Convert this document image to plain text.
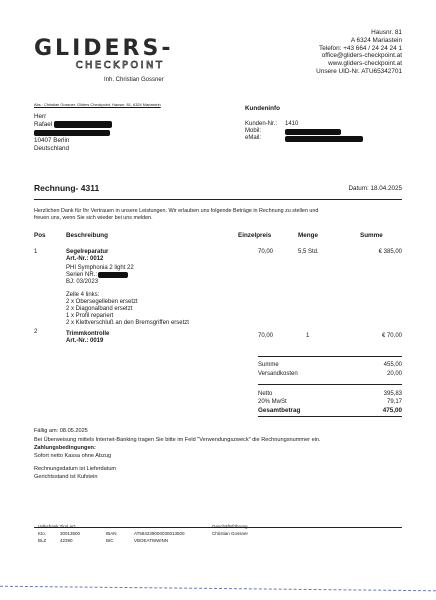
GLIDERS-
CHECKPOINT
Inh. Christian Gossner
Hausnr. 81
A 6324 Mariastein
Telefon: +43 664 / 24 24 24 1
office@gliders-checkpoint.at
www.gliders-checkpoint.at
Unsere UID-Nr. ATU65342701
Abs.: Christian Gossner, Gliders Checkpoint, Hausnr. 81, 6324 Mariastein
Herr
Rafael
10407 Berlin
Deutschland
Kundeninfo
Kunden-Nr.: 1410
Mobil:
eMail:
Rechnung- 4311	Datum: 18.04.2025
Herzlichen Dank für Ihr Vertrauen in unsere Leistungen. Wir erlauben uns folgende Beträge in Rechnung zu stellen und
freuen uns, wenn Sie sich wieder bei uns melden.
Pos	Beschreibung	Einzelpreis	Menge	Summe
1	Segelreparatur
Art.-Nr.: 0012
PHI Symphonia 2 light 22
Serien NR.:
BJ: 03/2023
Zelle 4 links:
2 x Obersegelleben ersetzt
2 x Diagonalband ersetzt
1 x Profil repariert
2 x Klettverschluß an den Bremsgriffen ersetzt
70,00	5,5 Std.	€ 385,00
2	Trimmkontrolle
Art.-Nr.: 0019
70,00	1	€ 70,00
Summe	455,00
Versandkosten	20,00
Netto	395,83
20% MwSt	79,17
Gesamtbetrag	475,00
Fällig am: 08.05.2025
Bei Überweisung mittels Internet-Banking tragen Sie bitte im Feld "Verwendungszweck" die Rechnungsnummer ein.
Zahlungsbedingungen:
Sofort netto Kassa ohne Abzug
Rechnungsdatum ist Lieferdatum
Gerichtsstand ist Kufstein
Volksbank Tirol AG
Kto.	30013500
BLZ	42390
IBAN	AT584239000030013500
BIC	VBOEATWWINN
Geschäftsführung
Christian Gossner
